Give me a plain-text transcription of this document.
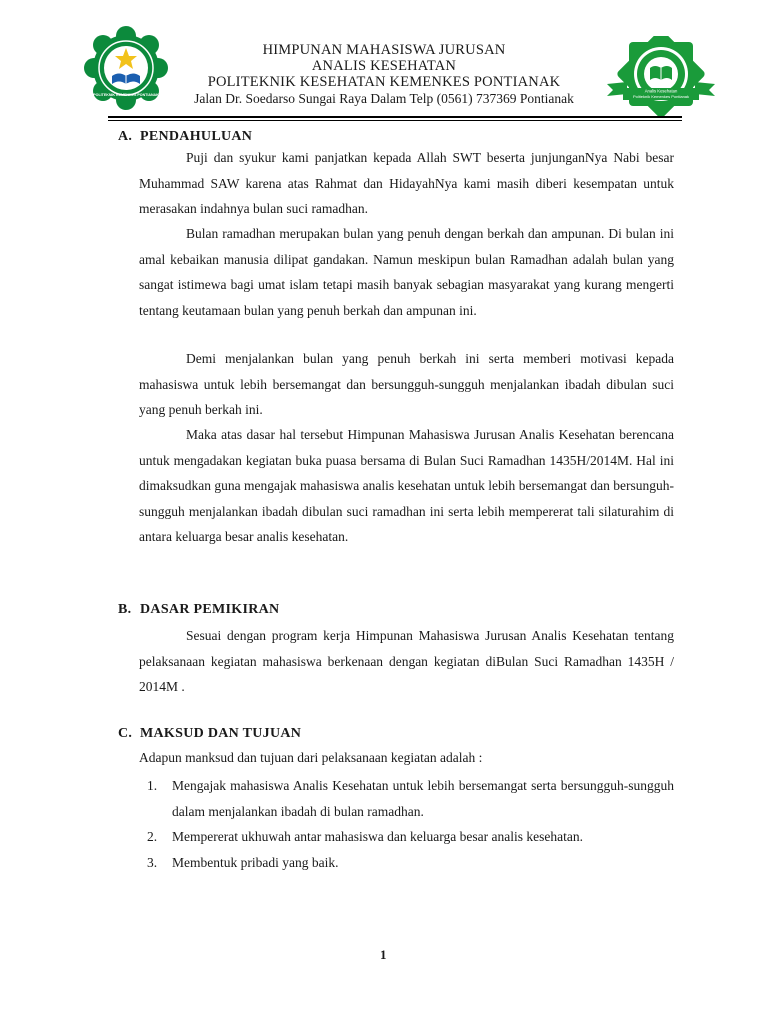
POLITEKNIK KEMENKES PONTIANAK
HIMPUNAN MAHASISWA JURUSAN
ANALIS KESEHATAN
POLITEKNIK KESEHATAN KEMENKES PONTIANAK
Jalan Dr. Soedarso Sungai Raya Dalam Telp (0561) 737369 Pontianak	Analis Kesehatan
Politeknik Kemenkes Pontianak
A. PENDAHULUAN

Puji dan syukur kami panjatkan kepada Allah SWT beserta junjunganNya Nabi besar Muhammad SAW karena atas Rahmat dan HidayahNya kami masih diberi kesempatan untuk merasakan indahnya bulan suci ramadhan.

Bulan ramadhan merupakan bulan yang penuh dengan berkah dan ampunan. Di bulan ini amal kebaikan manusia dilipat gandakan. Namun meskipun bulan Ramadhan adalah bulan yang sangat istimewa bagi umat islam tetapi masih banyak sebagian masyarakat yang kurang mengerti tentang keutamaan bulan yang penuh berkah dan ampunan ini.

Demi menjalankan bulan yang penuh berkah ini serta memberi motivasi kepada mahasiswa untuk lebih bersemangat dan bersungguh-sungguh menjalankan ibadah dibulan suci yang penuh berkah ini.

Maka atas dasar hal tersebut Himpunan Mahasiswa Jurusan Analis Kesehatan berencana untuk mengadakan kegiatan buka puasa bersama di Bulan Suci Ramadhan 1435H/2014M. Hal ini dimaksudkan guna mengajak mahasiswa analis kesehatan untuk lebih bersemangat dan bersunguh-sungguh menjalankan ibadah dibulan suci ramadhan ini serta lebih mempererat tali silaturahim di antara keluarga besar analis kesehatan.

B. DASAR PEMIKIRAN

Sesuai dengan program kerja Himpunan Mahasiswa Jurusan Analis Kesehatan tentang pelaksanaan kegiatan mahasiswa berkenaan dengan kegiatan diBulan Suci Ramadhan 1435H / 2014M .

C. MAKSUD DAN TUJUAN

Adapun manksud dan tujuan dari pelaksanaan kegiatan adalah :

1. Mengajak mahasiswa Analis Kesehatan untuk lebih bersemangat serta bersungguh-sungguh dalam menjalankan ibadah di bulan ramadhan.
2. Mempererat ukhuwah antar mahasiswa dan keluarga besar analis kesehatan.
3. Membentuk pribadi yang baik.
1
